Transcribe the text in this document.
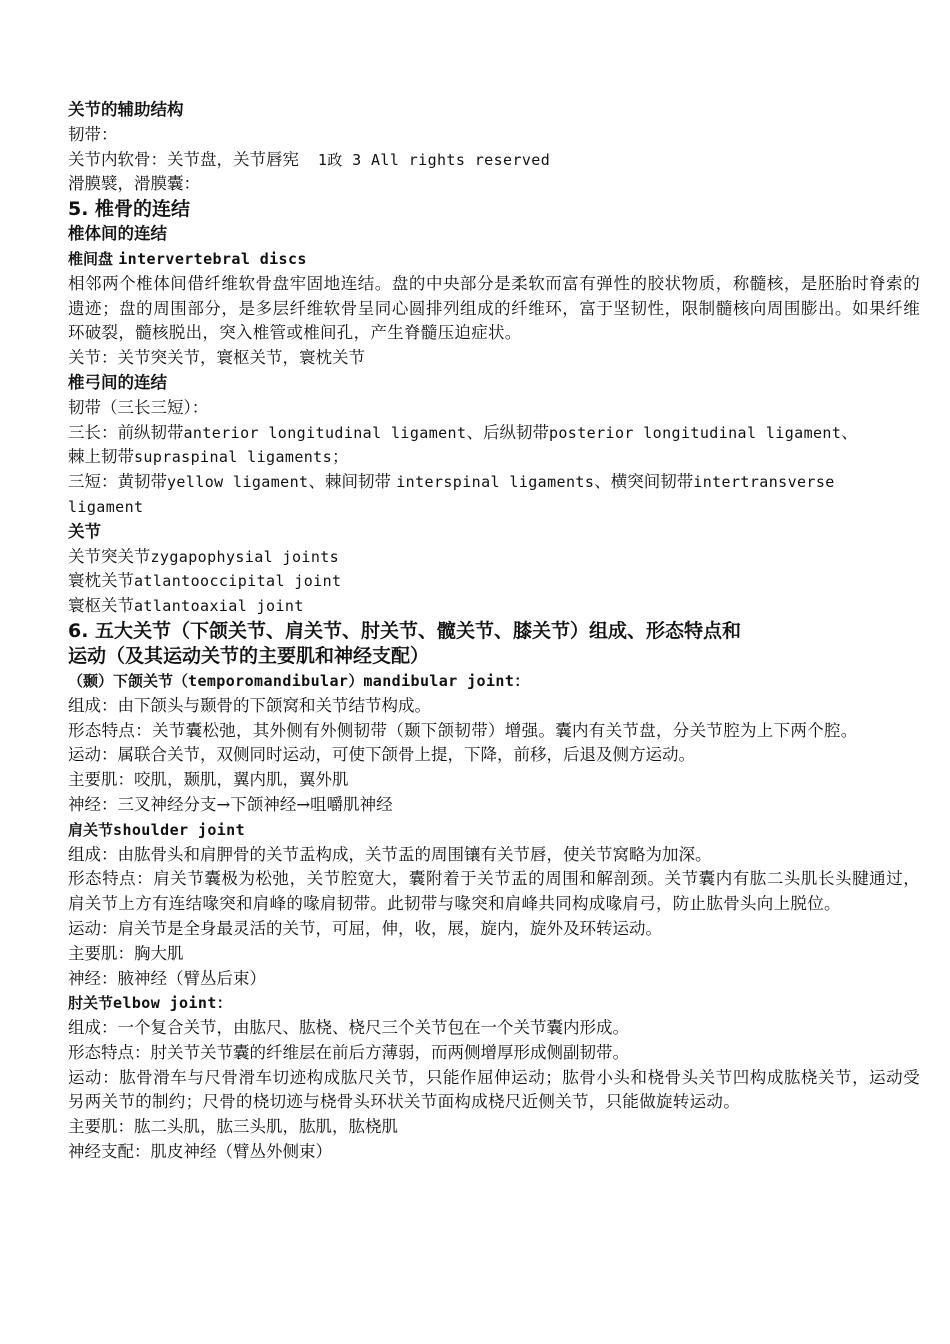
关节的辅助结构
韧带：
关节内软骨：关节盘，关节唇宪  1政 3 All rights reserved
滑膜襞，滑膜囊：
5. 椎骨的连结
椎体间的连结
椎间盘 intervertebral discs
相邻两个椎体间借纤维软骨盘牢固地连结。盘的中央部分是柔软而富有弹性的胶状物质，称髓核，是胚胎时脊索的遗迹；盘的周围部分，是多层纤维软骨呈同心圆排列组成的纤维环，富于坚韧性，限制髓核向周围膨出。如果纤维环破裂，髓核脱出，突入椎管或椎间孔，产生脊髓压迫症状。
关节：关节突关节，寰枢关节，寰枕关节
椎弓间的连结
韧带（三长三短）：
三长：前纵韧带anterior longitudinal ligament、后纵韧带posterior longitudinal ligament、
棘上韧带supraspinal ligaments；
三短：黄韧带yellow ligament、棘间韧带 interspinal ligaments、横突间韧带intertransverse
ligament
关节
关节突关节zygapophysial joints
寰枕关节atlantooccipital joint
寰枢关节atlantoaxial joint
6. 五大关节（下颌关节、肩关节、肘关节、髋关节、膝关节）组成、形态特点和
运动（及其运动关节的主要肌和神经支配）
（颞）下颌关节（temporomandibular）mandibular joint：
组成：由下颌头与颞骨的下颌窝和关节结节构成。
形态特点：关节囊松弛，其外侧有外侧韧带（颞下颌韧带）增强。囊内有关节盘，分关节腔为上下两个腔。
运动：属联合关节，双侧同时运动，可使下颌骨上提，下降，前移，后退及侧方运动。
主要肌：咬肌，颞肌，翼内肌，翼外肌
神经：三叉神经分支→下颌神经→咀嚼肌神经
肩关节shoulder joint
组成：由肱骨头和肩胛骨的关节盂构成，关节盂的周围镶有关节唇，使关节窝略为加深。
形态特点：肩关节囊极为松弛，关节腔宽大，囊附着于关节盂的周围和解剖颈。关节囊内有肱二头肌长头腱通过，肩关节上方有连结喙突和肩峰的喙肩韧带。此韧带与喙突和肩峰共同构成喙肩弓，防止肱骨头向上脱位。
运动：肩关节是全身最灵活的关节，可屈，伸，收，展，旋内，旋外及环转运动。
主要肌：胸大肌
神经：腋神经（臂丛后束）
肘关节elbow joint：
组成：一个复合关节，由肱尺、肱桡、桡尺三个关节包在一个关节囊内形成。
形态特点：肘关节关节囊的纤维层在前后方薄弱，而两侧增厚形成侧副韧带。
运动：肱骨滑车与尺骨滑车切迹构成肱尺关节，只能作屈伸运动；肱骨小头和桡骨头关节凹构成肱桡关节，运动受另两关节的制约；尺骨的桡切迹与桡骨头环状关节面构成桡尺近侧关节，只能做旋转运动。
主要肌：肱二头肌，肱三头肌，肱肌，肱桡肌
神经支配：肌皮神经（臂丛外侧束）
